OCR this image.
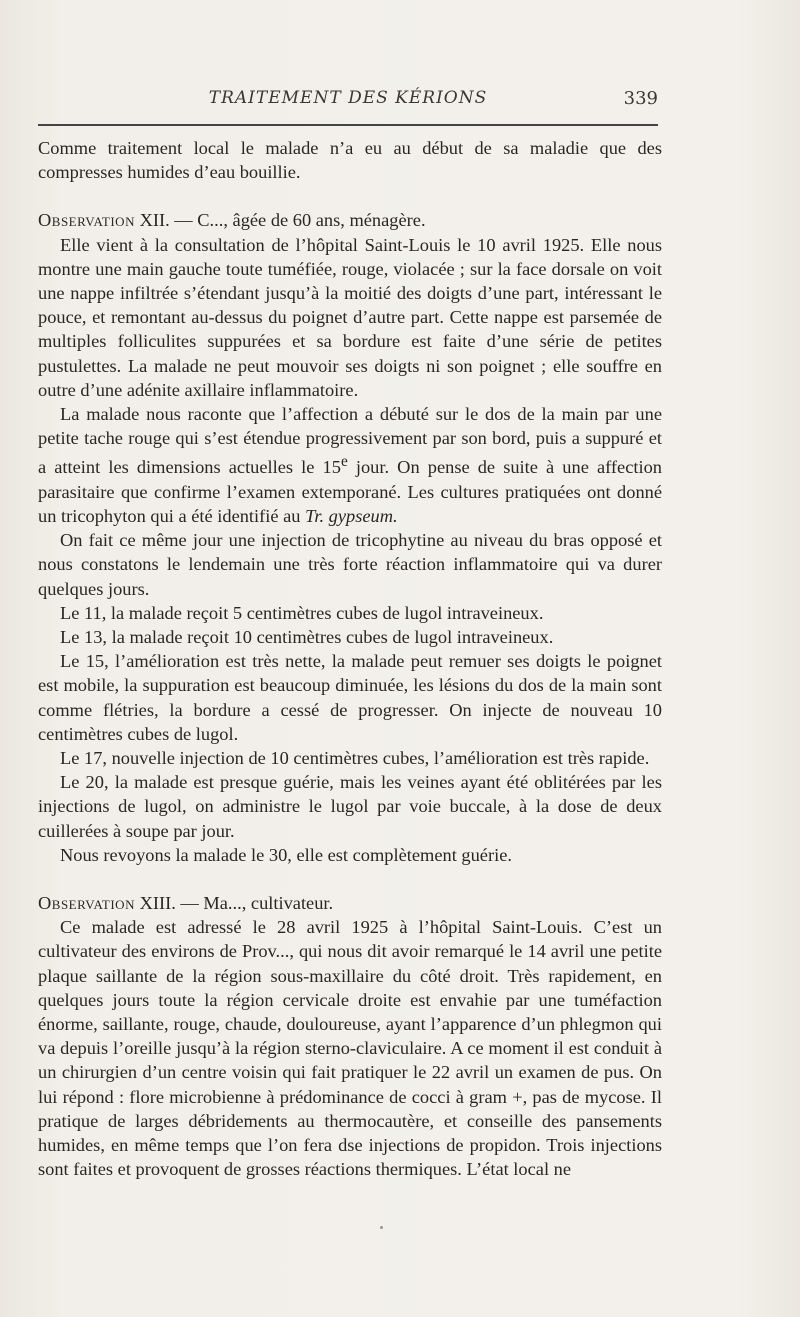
TRAITEMENT DES KÉRIONS	339

Comme traitement local le malade n’a eu au début de sa maladie que des compresses humides d’eau bouillie.

Observation XII. — C..., âgée de 60 ans, ménagère.

Elle vient à la consultation de l’hôpital Saint-Louis le 10 avril 1925. Elle nous montre une main gauche toute tuméfiée, rouge, violacée ; sur la face dorsale on voit une nappe infiltrée s’étendant jusqu’à la moitié des doigts d’une part, intéressant le pouce, et remontant au-dessus du poignet d’autre part. Cette nappe est parsemée de multiples folliculites suppurées et sa bordure est faite d’une série de petites pustulettes. La malade ne peut mouvoir ses doigts ni son poignet ; elle souffre en outre d’une adénite axillaire inflammatoire.

La malade nous raconte que l’affection a débuté sur le dos de la main par une petite tache rouge qui s’est étendue progressivement par son bord, puis a suppuré et a atteint les dimensions actuelles le 15e jour. On pense de suite à une affection parasitaire que confirme l’examen extemporané. Les cultures pratiquées ont donné un tricophyton qui a été identifié au Tr. gypseum.

On fait ce même jour une injection de tricophytine au niveau du bras opposé et nous constatons le lendemain une très forte réaction inflammatoire qui va durer quelques jours.

Le 11, la malade reçoit 5 centimètres cubes de lugol intraveineux.

Le 13, la malade reçoit 10 centimètres cubes de lugol intraveineux.

Le 15, l’amélioration est très nette, la malade peut remuer ses doigts le poignet est mobile, la suppuration est beaucoup diminuée, les lésions du dos de la main sont comme flétries, la bordure a cessé de progresser. On injecte de nouveau 10 centimètres cubes de lugol.

Le 17, nouvelle injection de 10 centimètres cubes, l’amélioration est très rapide.

Le 20, la malade est presque guérie, mais les veines ayant été oblitérées par les injections de lugol, on administre le lugol par voie buccale, à la dose de deux cuillerées à soupe par jour.

Nous revoyons la malade le 30, elle est complètement guérie.

Observation XIII. — Ma..., cultivateur.

Ce malade est adressé le 28 avril 1925 à l’hôpital Saint-Louis. C’est un cultivateur des environs de Prov..., qui nous dit avoir remarqué le 14 avril une petite plaque saillante de la région sous-maxillaire du côté droit. Très rapidement, en quelques jours toute la région cervicale droite est envahie par une tuméfaction énorme, saillante, rouge, chaude, douloureuse, ayant l’apparence d’un phlegmon qui va depuis l’oreille jusqu’à la région sterno-claviculaire. A ce moment il est conduit à un chirurgien d’un centre voisin qui fait pratiquer le 22 avril un examen de pus. On lui répond : flore microbienne à prédominance de cocci à gram +, pas de mycose. Il pratique de larges débridements au thermocautère, et conseille des pansements humides, en même temps que l’on fera dse injections de propidon. Trois injections sont faites et provoquent de grosses réactions thermiques. L’état local ne
